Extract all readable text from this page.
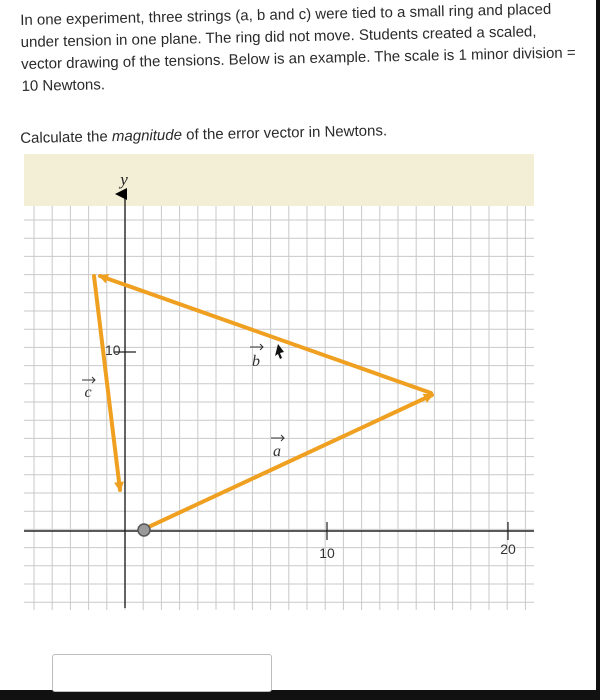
In one experiment, three strings (a, b and c) were tied to a small ring and placed under tension in one plane. The ring did not move. Students created a scaled, vector drawing of the tensions. Below is an example. The scale is 1 minor division = 10 Newtons.
Calculate the magnitude of the error vector in Newtons.
y
10	20
10
a
b
c
